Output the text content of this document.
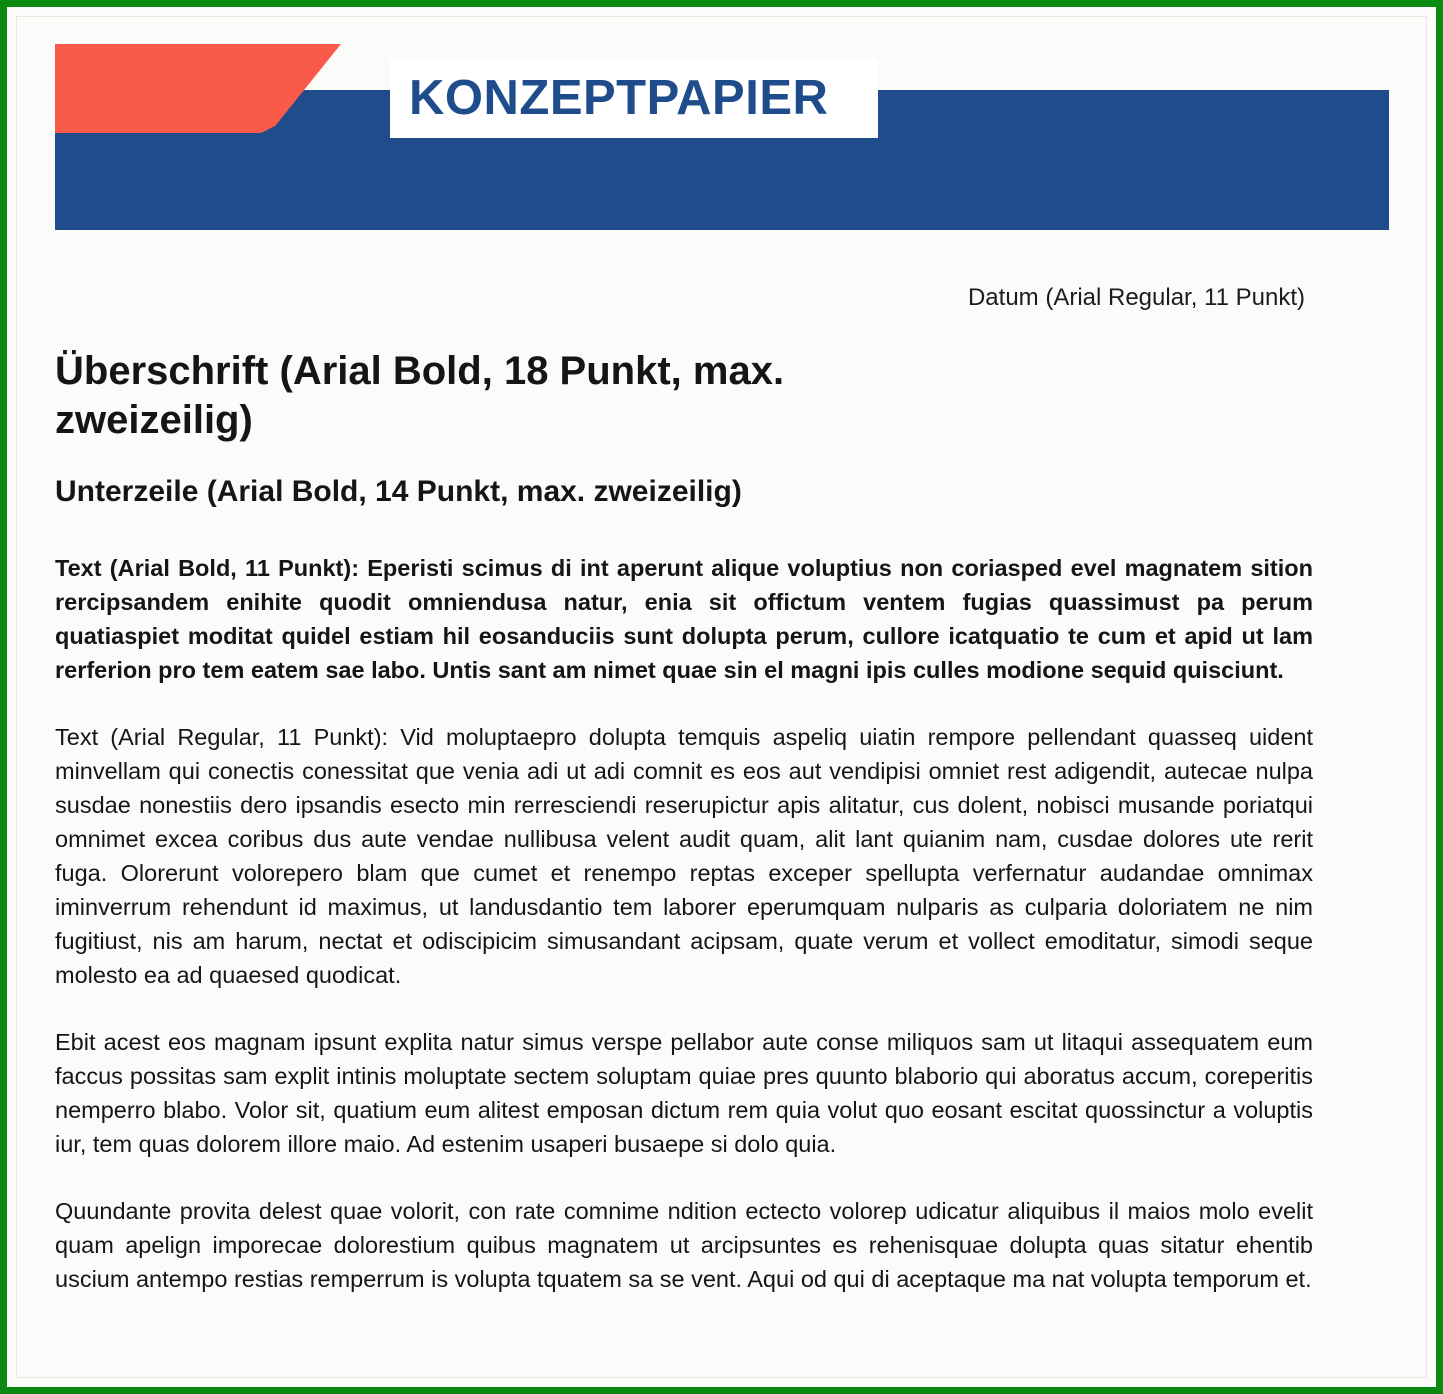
KONZEPTPAPIER
Datum (Arial Regular, 11 Punkt)
Überschrift (Arial Bold, 18 Punkt, max. zweizeilig)
Unterzeile (Arial Bold, 14 Punkt, max. zweizeilig)

Text (Arial Bold, 11 Punkt): Eperisti scimus di int aperunt alique voluptius non coriasped evel magnatem sition rercipsandem enihite quodit omniendusa natur, enia sit offictum ventem fugias quassimust pa perum quatiaspiet moditat quidel estiam hil eosanduciis sunt dolupta perum, cullore icatquatio te cum et apid ut lam rerferion pro tem eatem sae labo. Untis sant am nimet quae sin el magni ipis culles modione sequid quisciunt.

Text (Arial Regular, 11 Punkt): Vid moluptaepro dolupta temquis aspeliq uiatin rempore pellendant quasseq uident minvellam qui conectis conessitat que venia adi ut adi comnit es eos aut vendipisi omniet rest adigendit, autecae nulpa susdae nonestiis dero ipsandis esecto min rerresciendi reserupictur apis alitatur, cus dolent, nobisci musande poriatqui omnimet excea coribus dus aute vendae nullibusa velent audit quam, alit lant quianim nam, cusdae dolores ute rerit fuga. Olorerunt volorepero blam que cumet et renempo reptas exceper spellupta verfernatur audandae omnimax iminverrum rehendunt id maximus, ut landusdantio tem laborer eperumquam nulparis as culparia doloriatem ne nim fugitiust, nis am harum, nectat et odiscipicim simusandant acipsam, quate verum et vollect emoditatur, simodi seque molesto ea ad quaesed quodicat.

Ebit acest eos magnam ipsunt explita natur simus verspe pellabor aute conse miliquos sam ut litaqui assequatem eum faccus possitas sam explit intinis moluptate sectem soluptam quiae pres quunto blaborio qui aboratus accum, coreperitis nemperro blabo. Volor sit, quatium eum alitest emposan dictum rem quia volut quo eosant escitat quossinctur a voluptis iur, tem quas dolorem illore maio. Ad estenim usaperi busaepe si dolo quia.

Quundante provita delest quae volorit, con rate comnime ndition ectecto volorep udicatur aliquibus il maios molo evelit quam apelign imporecae dolorestium quibus magnatem ut arcipsuntes es rehenisquae dolupta quas sitatur ehentib uscium antempo restias remperrum is volupta tquatem sa se vent. Aqui od qui di aceptaque ma nat volupta temporum et.
